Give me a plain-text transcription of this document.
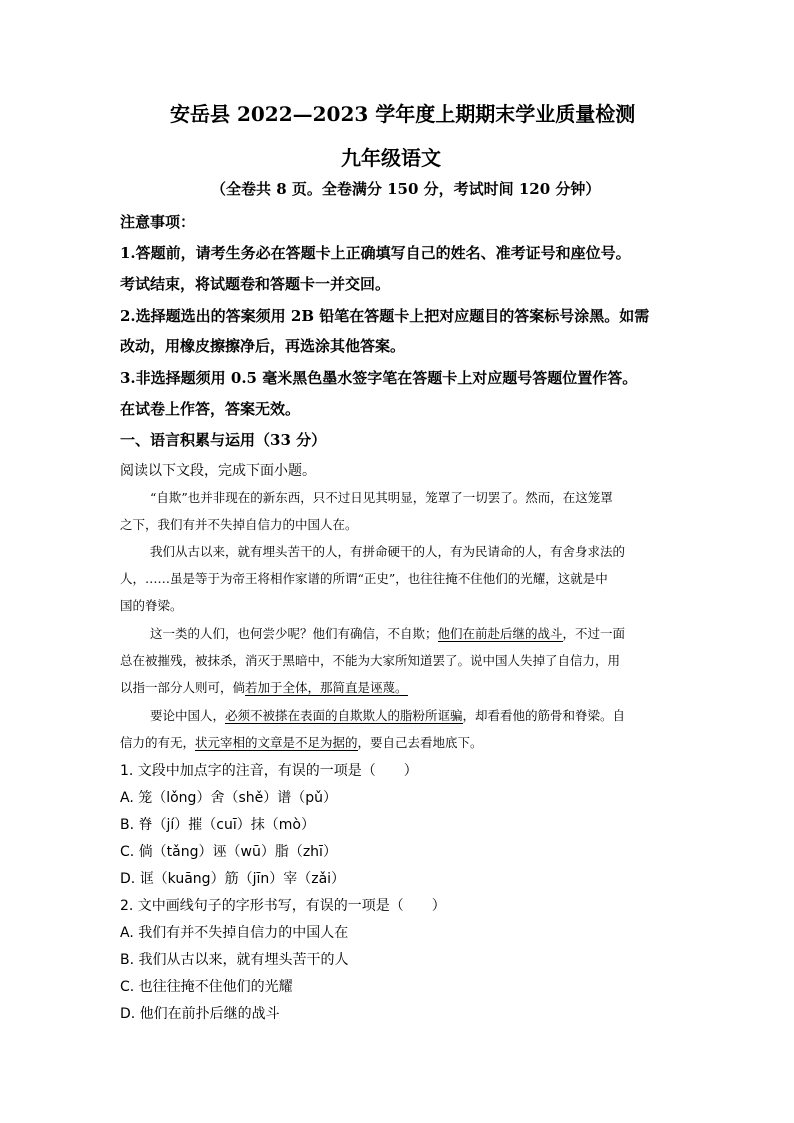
安岳县 2022—2023 学年度上期期末学业质量检测
九年级语文
（全卷共 8 页。全卷满分 150 分，考试时间 120 分钟）
注意事项：
1.答题前，请考生务必在答题卡上正确填写自己的姓名、准考证号和座位号。
考试结束，将试题卷和答题卡一并交回。
2.选择题选出的答案须用 2B 铅笔在答题卡上把对应题目的答案标号涂黑。如需
改动，用橡皮擦擦净后，再选涂其他答案。
3.非选择题须用 0.5 毫米黑色墨水签字笔在答题卡上对应题号答题位置作答。
在试卷上作答，答案无效。
一、语言积累与运用（33 分）
阅读以下文段，完成下面小题。
“自欺”也并非现在的新东西，只不过日见其明显，笼罩了一切罢了。然而，在这笼罩
之下，我们有并不失掉自信力的中国人在。
我们从古以来，就有埋头苦干的人，有拼命硬干的人，有为民请命的人，有舍身求法的
人，……虽是等于为帝王将相作家谱的所谓“正史”，也往往掩不住他们的光耀，这就是中
国的脊梁。
这一类的人们，也何尝少呢？他们有确信，不自欺；他们在前赴后继的战斗，不过一面
总在被摧残，被抹杀，消灭于黑暗中，不能为大家所知道罢了。说中国人失掉了自信力，用
以指一部分人则可，倘若加于全体，那简直是诬蔑。
要论中国人，必须不被搽在表面的自欺欺人的脂粉所诓骗，却看看他的筋骨和脊梁。自
信力的有无，状元宰相的文章是不足为据的，要自己去看地底下。
1. 文段中加点字的注音，有误的一项是（　　）
A. 笼（lǒng）舍（shě）谱（pǔ）
B. 脊（jí）摧（cuī）抹（mò）
C. 倘（tǎng）诬（wū）脂（zhī）
D. 诓（kuāng）筋（jīn）宰（zǎi）
2. 文中画线句子的字形书写，有误的一项是（　　）
A. 我们有并不失掉自信力的中国人在
B. 我们从古以来，就有埋头苦干的人
C. 也往往掩不住他们的光耀
D. 他们在前扑后继的战斗
